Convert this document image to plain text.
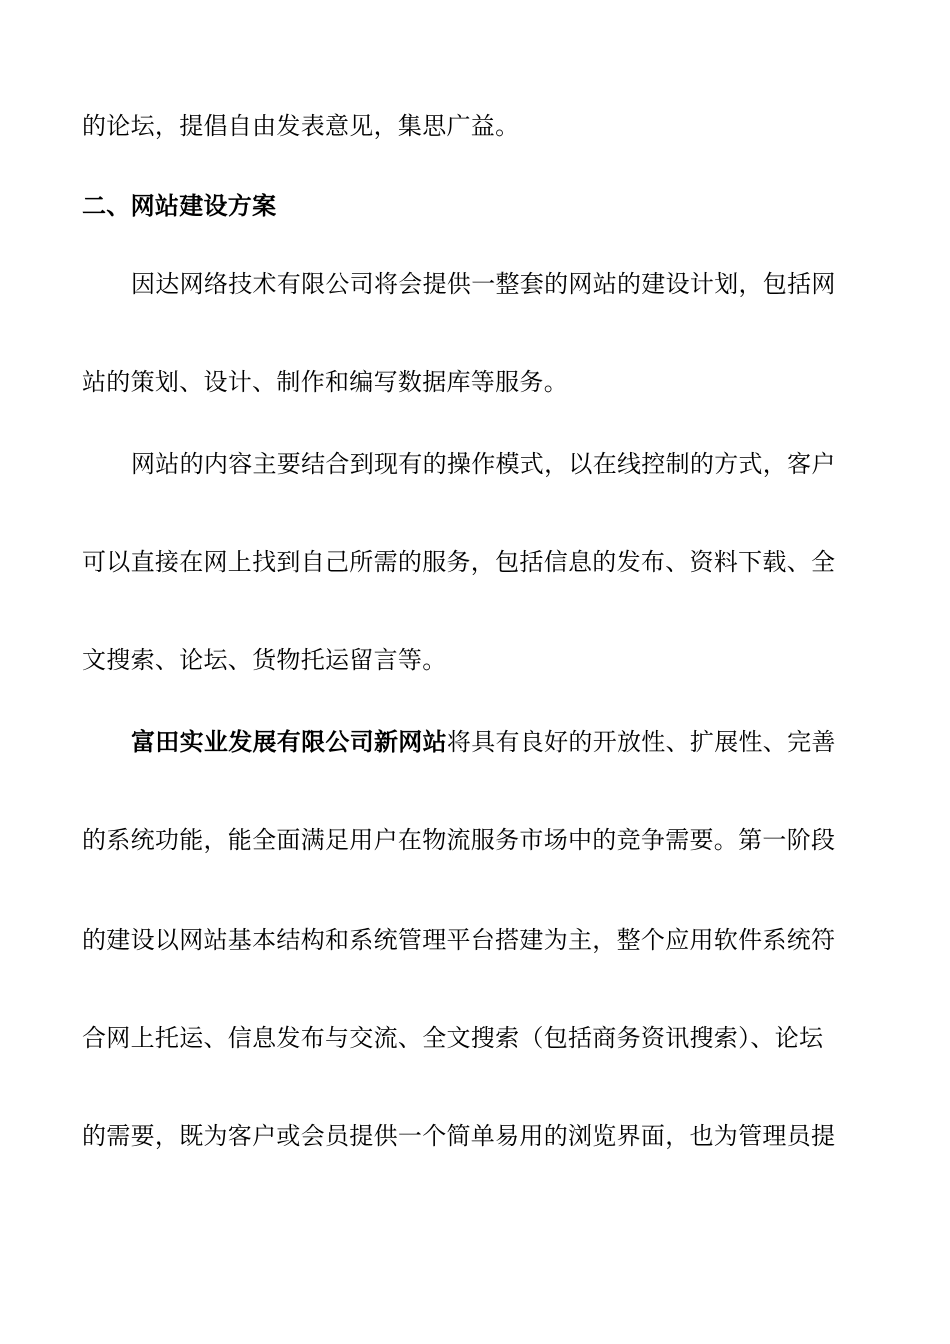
的论坛，提倡自由发表意见，集思广益。
二、网站建设方案
因达网络技术有限公司将会提供一整套的网站的建设计划，包括网
站的策划、设计、制作和编写数据库等服务。
网站的内容主要结合到现有的操作模式，以在线控制的方式，客户
可以直接在网上找到自己所需的服务，包括信息的发布、资料下载、全
文搜索、论坛、货物托运留言等。
富田实业发展有限公司新网站将具有良好的开放性、扩展性、完善
的系统功能，能全面满足用户在物流服务市场中的竞争需要。第一阶段
的建设以网站基本结构和系统管理平台搭建为主，整个应用软件系统符
合网上托运、信息发布与交流、全文搜索（包括商务资讯搜索）、论坛
的需要，既为客户或会员提供一个简单易用的浏览界面，也为管理员提
